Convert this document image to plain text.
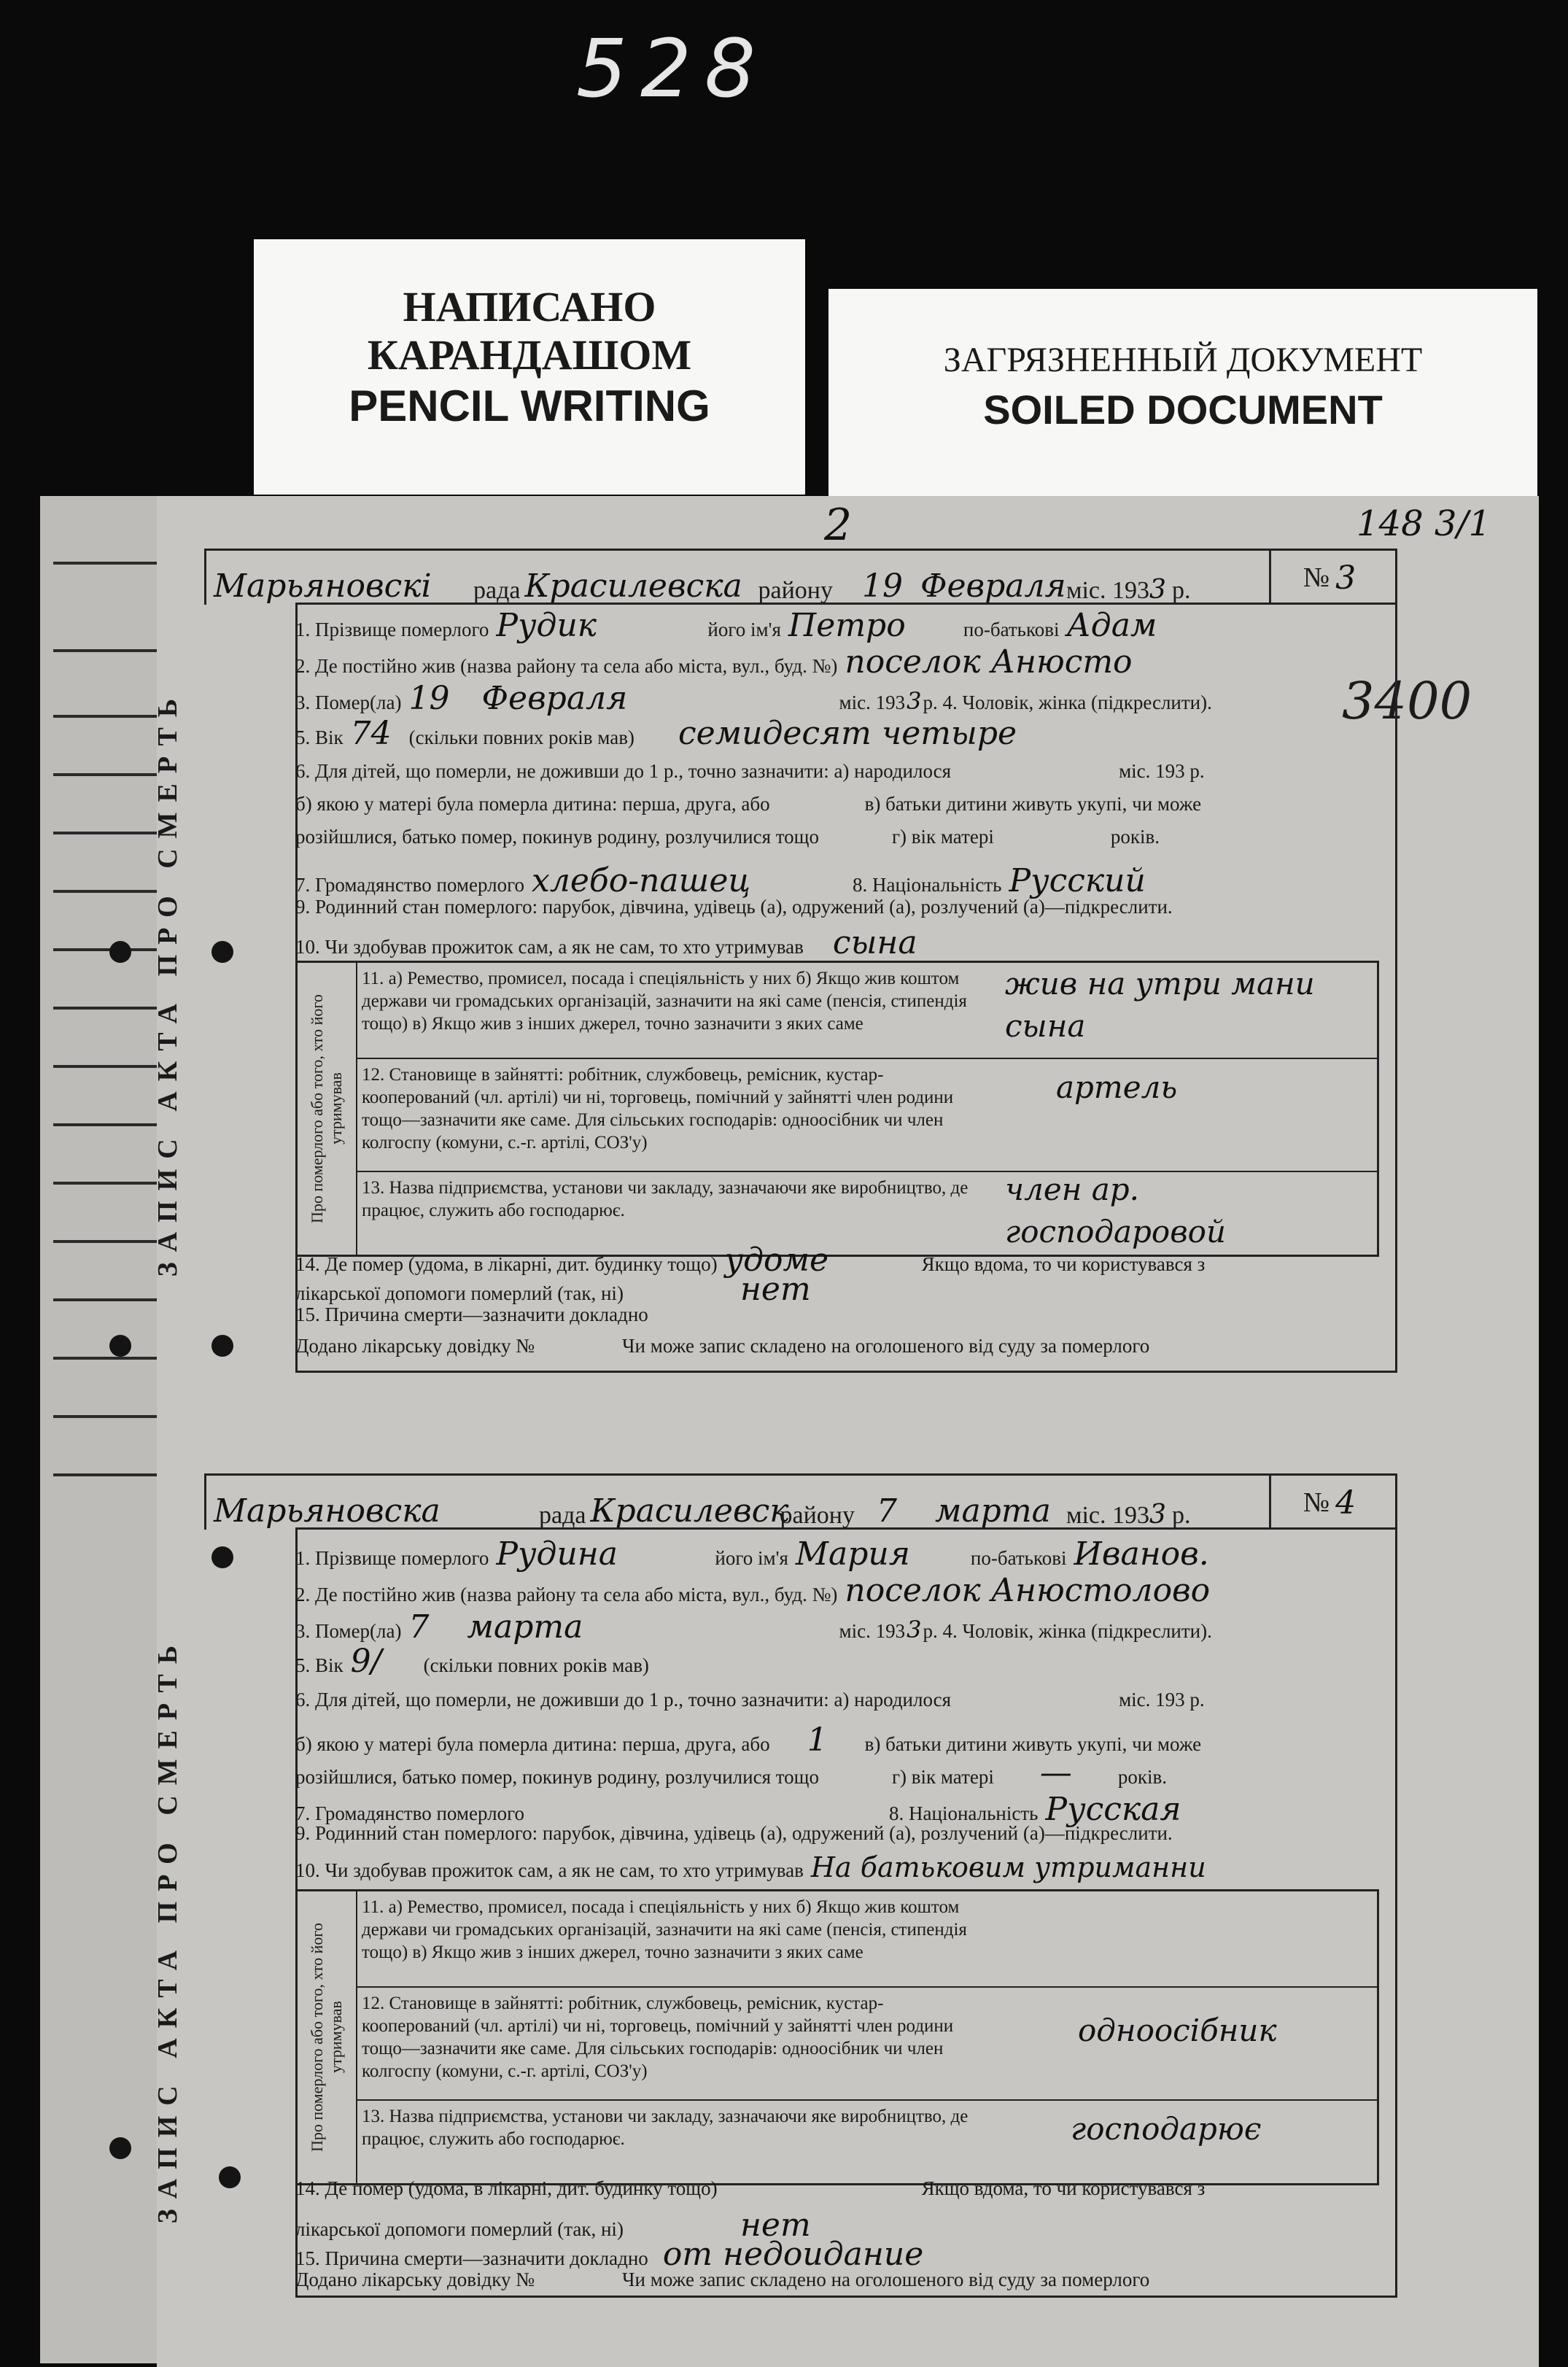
528
НАПИСАНО КАРАНДАШОМ
PENCIL WRITING
ЗАГРЯЗНЕННЫЙ ДОКУМЕНТ
SOILED DOCUMENT
2	148 3/1
3400
ЗАПИС АКТА ПРО СМЕРТЬ
Марьяновскі	рада Красилевска району 19 Февраля міс. 193 3 р.	№ 3
1. Прізвище померлого Рудик	його ім'я Петро	по-батькові Адам
2. Де постійно жив (назва району та села або міста, вул., буд. №) поселок Анюсто
3. Помер(ла) 19	Февраля	міс. 193 3 р. 4. Чоловік, жінка (підкреслити).
5. Вік 74 (скільки повних років мав) семидесят четыре
6. Для дітей, що померли, не доживши до 1 р., точно зазначити: а) народилося	міс. 193 р.
б) якою у матері була померла дитина: перша, друга, або	в) батьки дитини живуть укупі, чи може
розійшлися, батько помер, покинув родину, розлучилися тощо	г) вік матері	років.
7. Громадянство померлого хлебо-пашец	8. Національність Русский
9. Родинний стан померлого: парубок, дівчина, удівець (а), одружений (а), розлучений (а)—підкреслити.
10. Чи здобував прожиток сам, а як не сам, то хто утримував сына
Про померлого або того, хто його утримував
11. а) Ремество, промисел, посада і спеціяльність у них б) Якщо жив коштом держави чи громадських організацій, зазначити на які саме (пенсія, стипендія тощо) в) Якщо жив з інших джерел, точно зазначити з яких саме
жив на утри мани сына
12. Становище в зайнятті: робітник, службовець, ремісник, кустар-кооперований (чл. артілі) чи ні, торговець, помічний у зайнятті член родини тощо—зазначити яке саме. Для сільських господарів: одноосібник чи член колгоспу (комуни, с.-г. артілі, СОЗ'у)
артель
13. Назва підприємства, установи чи закладу, зазначаючи яке виробництво, де працює, служить або господарює.
член ар. господаровой
14. Де помер (удома, в лікарні, дит. будинку тощо) удоме	Якщо вдома, то чи користувався з
лікарської допомоги померлий (так, ні)	нет
15. Причина смерти—зазначити докладно
Додано лікарську довідку №	Чи може запис складено на оголошеного від суду за померлого
ЗАПИС АКТА ПРО СМЕРТЬ
Марьяновска	рада Красилевск
району 7	марта міс. 193 3 р.	№ 4
1. Прізвище померлого Рудина	його ім'я Мария	по-батькові Иванов.
2. Де постійно жив (назва району та села або міста, вул., буд. №) поселок Анюстолово
3. Помер(ла) 7	марта	міс. 193 3 р. 4. Чоловік, жінка (підкреслити).
5. Вік 9/	(скільки повних років мав)
6. Для дітей, що померли, не доживши до 1 р., точно зазначити: а) народилося	міс. 193 р.
б) якою у матері була померла дитина: перша, друга, або	1	в) батьки дитини живуть укупі, чи може
розійшлися, батько помер, покинув родину, розлучилися тощо	г) вік матері	—	років.
7. Громадянство померлого	8. Національність Русская
9. Родинний стан померлого: парубок, дівчина, удівець (а), одружений (а), розлучений (а)—підкреслити.
10. Чи здобував прожиток сам, а як не сам, то хто утримував На батьковим утриманни
Про померлого або того, хто його утримував
11. а) Ремество, промисел, посада і спеціяльність у них б) Якщо жив коштом держави чи громадських організацій, зазначити на які саме (пенсія, стипендія тощо) в) Якщо жив з інших джерел, точно зазначити з яких саме
12. Становище в зайнятті: робітник, службовець, ремісник, кустар-кооперований (чл. артілі) чи ні, торговець, помічний у зайнятті член родини тощо—зазначити яке саме. Для сільських господарів: одноосібник чи член колгоспу (комуни, с.-г. артілі, СОЗ'у)
одноосібник
13. Назва підприємства, установи чи закладу, зазначаючи яке виробництво, де працює, служить або господарює.	господарює
14. Де помер (удома, в лікарні, дит. будинку тощо)	Якщо вдома, то чи користувався з
лікарської допомоги померлий (так, ні)	нет
15. Причина смерти—зазначити докладно от недоидание
Додано лікарську довідку №	Чи може запис складено на оголошеного від суду за померлого
